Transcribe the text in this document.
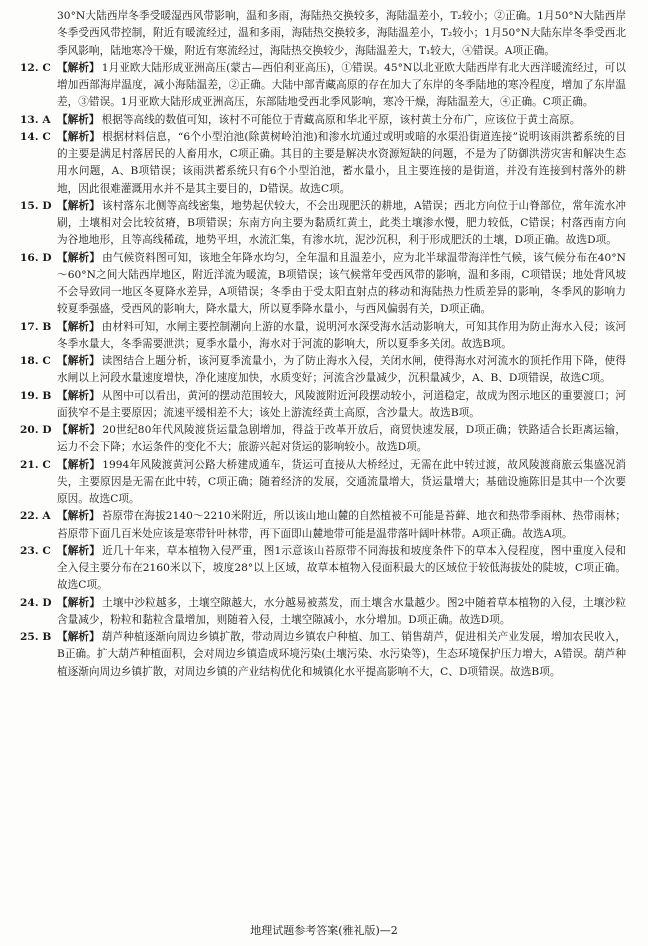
30°N大陆西岸冬季受暖湿西风带影响，温和多雨，海陆热交换较多，海陆温差小，T₂较小；②正确。1月50°N大陆西岸冬季受西风带控制，附近有暖流经过，温和多雨，海陆热交换较多，海陆温差小，T₂较小；1月50°N大陆东岸冬季受西北季风影响，陆地寒冷干燥，附近有寒流经过，海陆热交换较少，海陆温差大，T₁较大，④错误。A项正确。
12. C 【解析】 1月亚欧大陆形成亚洲高压(蒙古—西伯利亚高压)，①错误。45°N以北亚欧大陆西岸有北大西洋暖流经过，可以增加西部海岸温度，减小海陆温差，②正确。大陆中部青藏高原的存在加大了东岸的冬季陆地的寒冷程度，增加了东岸温差，③错误。1月亚欧大陆形成亚洲高压，东部陆地受西北季风影响，寒冷干燥，海陆温差大，④正确。C项正确。
13. A 【解析】 根据等高线的数值可知，该村不可能位于青藏高原和华北平原，该村黄土分布广，应该位于黄土高原。
14. C 【解析】 根据材料信息，“6个小型泊池(除黄树岭泊池)和渗水坑通过或明或暗的水渠沿街道连接”说明该雨洪蓄系统的目的主要是满足村落居民的人畜用水，C项正确。其目的主要是解决水资源短缺的问题，不是为了防御洪涝灾害和解决生态用水问题，A、B项错误；该雨洪蓄系统只有6个小型泊池，蓄水量小，且主要连接的是街道，并没有连接到村落外的耕地，因此很难灌溉用水并不是其主要目的，D错误。故选C项。
15. D 【解析】 该村落东北侧等高线密集，地势起伏较大，不会出现肥沃的耕地，A错误；西北方向位于山脊部位，常年流水冲刷，土壤相对会比较贫瘠，B项错误；东南方向主要为黏质红黄土，此类土壤渗水慢，肥力较低，C错误；村落西南方向为谷地地形，且等高线稀疏，地势平坦，水流汇集，有渗水坑，泥沙沉积，利于形成肥沃的土壤，D项正确。故选D项。
16. D 【解析】 由气候资料图可知，该地全年降水均匀，全年温和且温差小，应为北半球温带海洋性气候，该气候分布在40°N～60°N之间大陆西岸地区，附近洋流为暖流，B项错误；该气候常年受西风带的影响，温和多雨，C项错误；地处背风坡不会导致同一地区冬夏降水差异，A项错误；冬季由于受太阳直射点的移动和海陆热力性质差异的影响，冬季风的影响力较夏季强盛，受西风的影响大，降水量大，所以夏季降水量小，与西风偏弱有关，D项正确。
17. B 【解析】 由材料可知，水闸主要控制潮向上游的水量，说明河水深受海水活动影响大，可知其作用为防止海水入侵；该河冬季水量大，冬季需要泄洪；夏季水量小，海水对于河流的影响大，所以夏季多关闭。故选B项。
18. C 【解析】 读图结合上题分析，该河夏季流量小，为了防止海水入侵，关闭水闸，使得海水对河流水的顶托作用下降，使得水闸以上河段水量速度增快，净化速度加快，水质变好；河流含沙量减少，沉积量减少，A、B、D项错误，故选C项。
19. B 【解析】 从图中可以看出，黄河的摆动范围较大，风陵渡附近河段摆动较小，河道稳定，故成为图示地区的重要渡口；河面狭窄不是主要原因；流速平缓相差不大；该处上游流经黄土高原，含沙量大。故选B项。
20. D 【解析】 20世纪80年代风陵渡货运量急剧增加，得益于改革开放后，商贸快速发展，D项正确；铁路适合长距离运输，运力不会下降；水运条件的变化不大；旅游兴起对货运的影响较小。故选D项。
21. C 【解析】 1994年风陵渡黄河公路大桥建成通车，货运可直接从大桥经过，无需在此中转过渡，故风陵渡商旅云集盛况消失，主要原因是无需在此中转，C项正确；随着经济的发展，交通流量增大，货运量增大；基础设施陈旧是其中一个次要原因。故选C项。
22. A 【解析】 苔原带在海拔2140～2210米附近，所以该山地山麓的自然植被不可能是苔藓、地衣和热带季雨林、热带雨林；苔原带下面几百米处应该是寒带针叶林带，再下面即山麓地带可能是温带落叶阔叶林带。A项正确。故选A项。
23. C 【解析】 近几十年来，草本植物入侵严重，图1示意该山苔原带不同海拔和坡度条件下的草本入侵程度，图中重度入侵和全入侵主要分布在2160米以下，坡度28°以上区域，故草本植物入侵面积最大的区域位于较低海拔处的陡坡，C项正确。故选C项。
24. D 【解析】 土壤中沙粒越多，土壤空隙越大，水分越易被蒸发，而土壤含水量越少。图2中随着草本植物的入侵，土壤沙粒含量减少，粉粒和黏粒含量增加，则随着入侵，土壤空隙减小，水分增加。D项正确。故选D项。
25. B 【解析】 葫芦种植逐渐向周边乡镇扩散，带动周边乡镇农户种植、加工、销售葫芦，促进相关产业发展，增加农民收入，B正确。扩大葫芦种植面积，会对周边乡镇造成环境污染(土壤污染、水污染等)，生态环境保护压力增大，A错误。葫芦种植逐渐向周边乡镇扩散，对周边乡镇的产业结构优化和城镇化水平提高影响不大，C、D项错误。故选B项。
地理试题参考答案(雅礼版)—2
